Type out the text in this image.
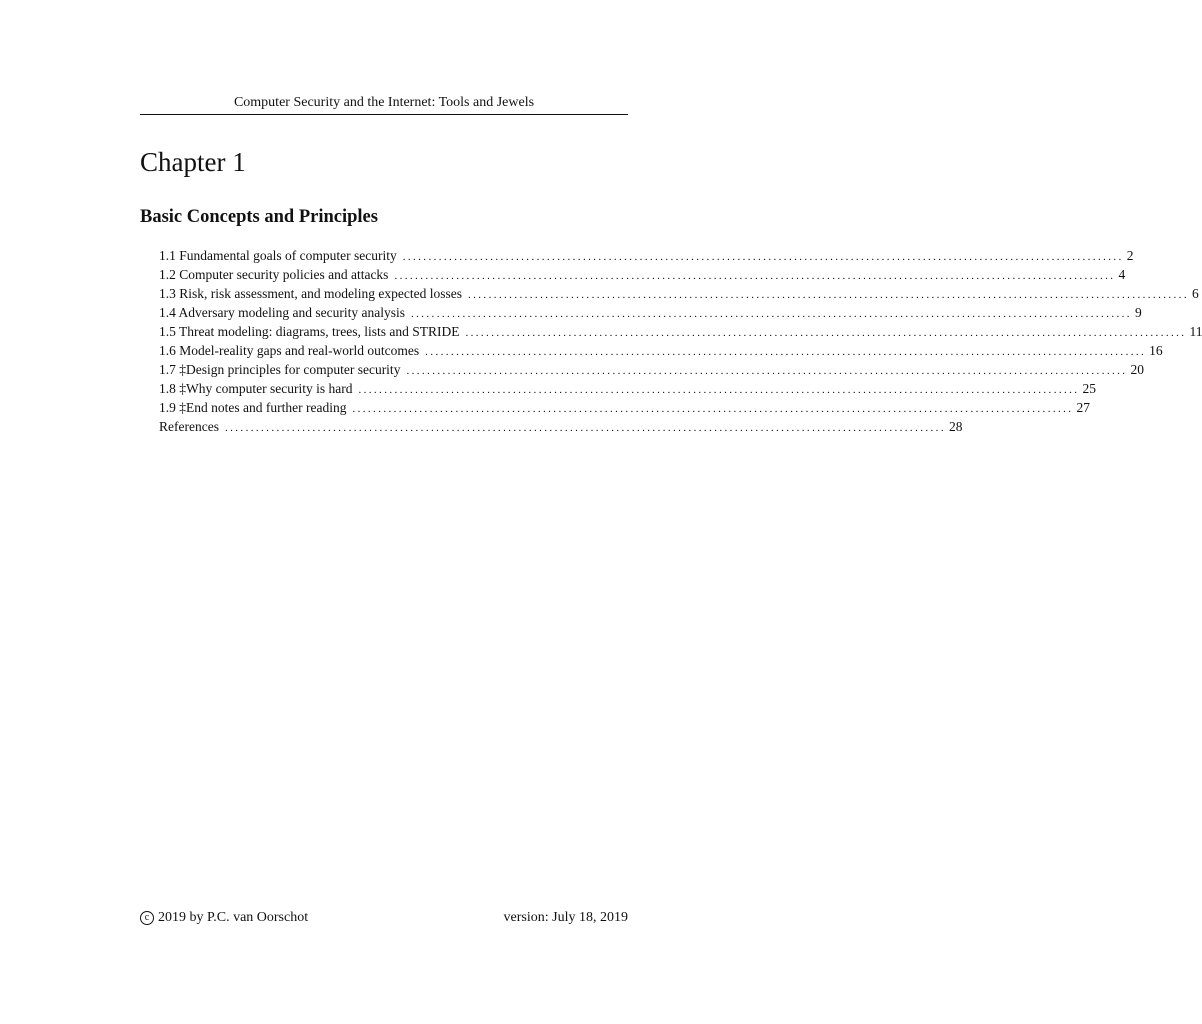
Computer Security and the Internet: Tools and Jewels
Chapter 1
Basic Concepts and Principles
1.1 Fundamental goals of computer security ............................................................................................................................................ 2
1.2 Computer security policies and attacks ............................................................................................................................................ 4
1.3 Risk, risk assessment, and modeling expected losses ............................................................................................................................................ 6
1.4 Adversary modeling and security analysis ............................................................................................................................................ 9
1.5 Threat modeling: diagrams, trees, lists and STRIDE ............................................................................................................................................ 11
1.6 Model-reality gaps and real-world outcomes ............................................................................................................................................ 16
1.7 ‡Design principles for computer security ............................................................................................................................................ 20
1.8 ‡Why computer security is hard ............................................................................................................................................ 25
1.9 ‡End notes and further reading ............................................................................................................................................ 27
References ............................................................................................................................................ 28
c 2019 by P.C. van Oorschot	version: July 18, 2019
